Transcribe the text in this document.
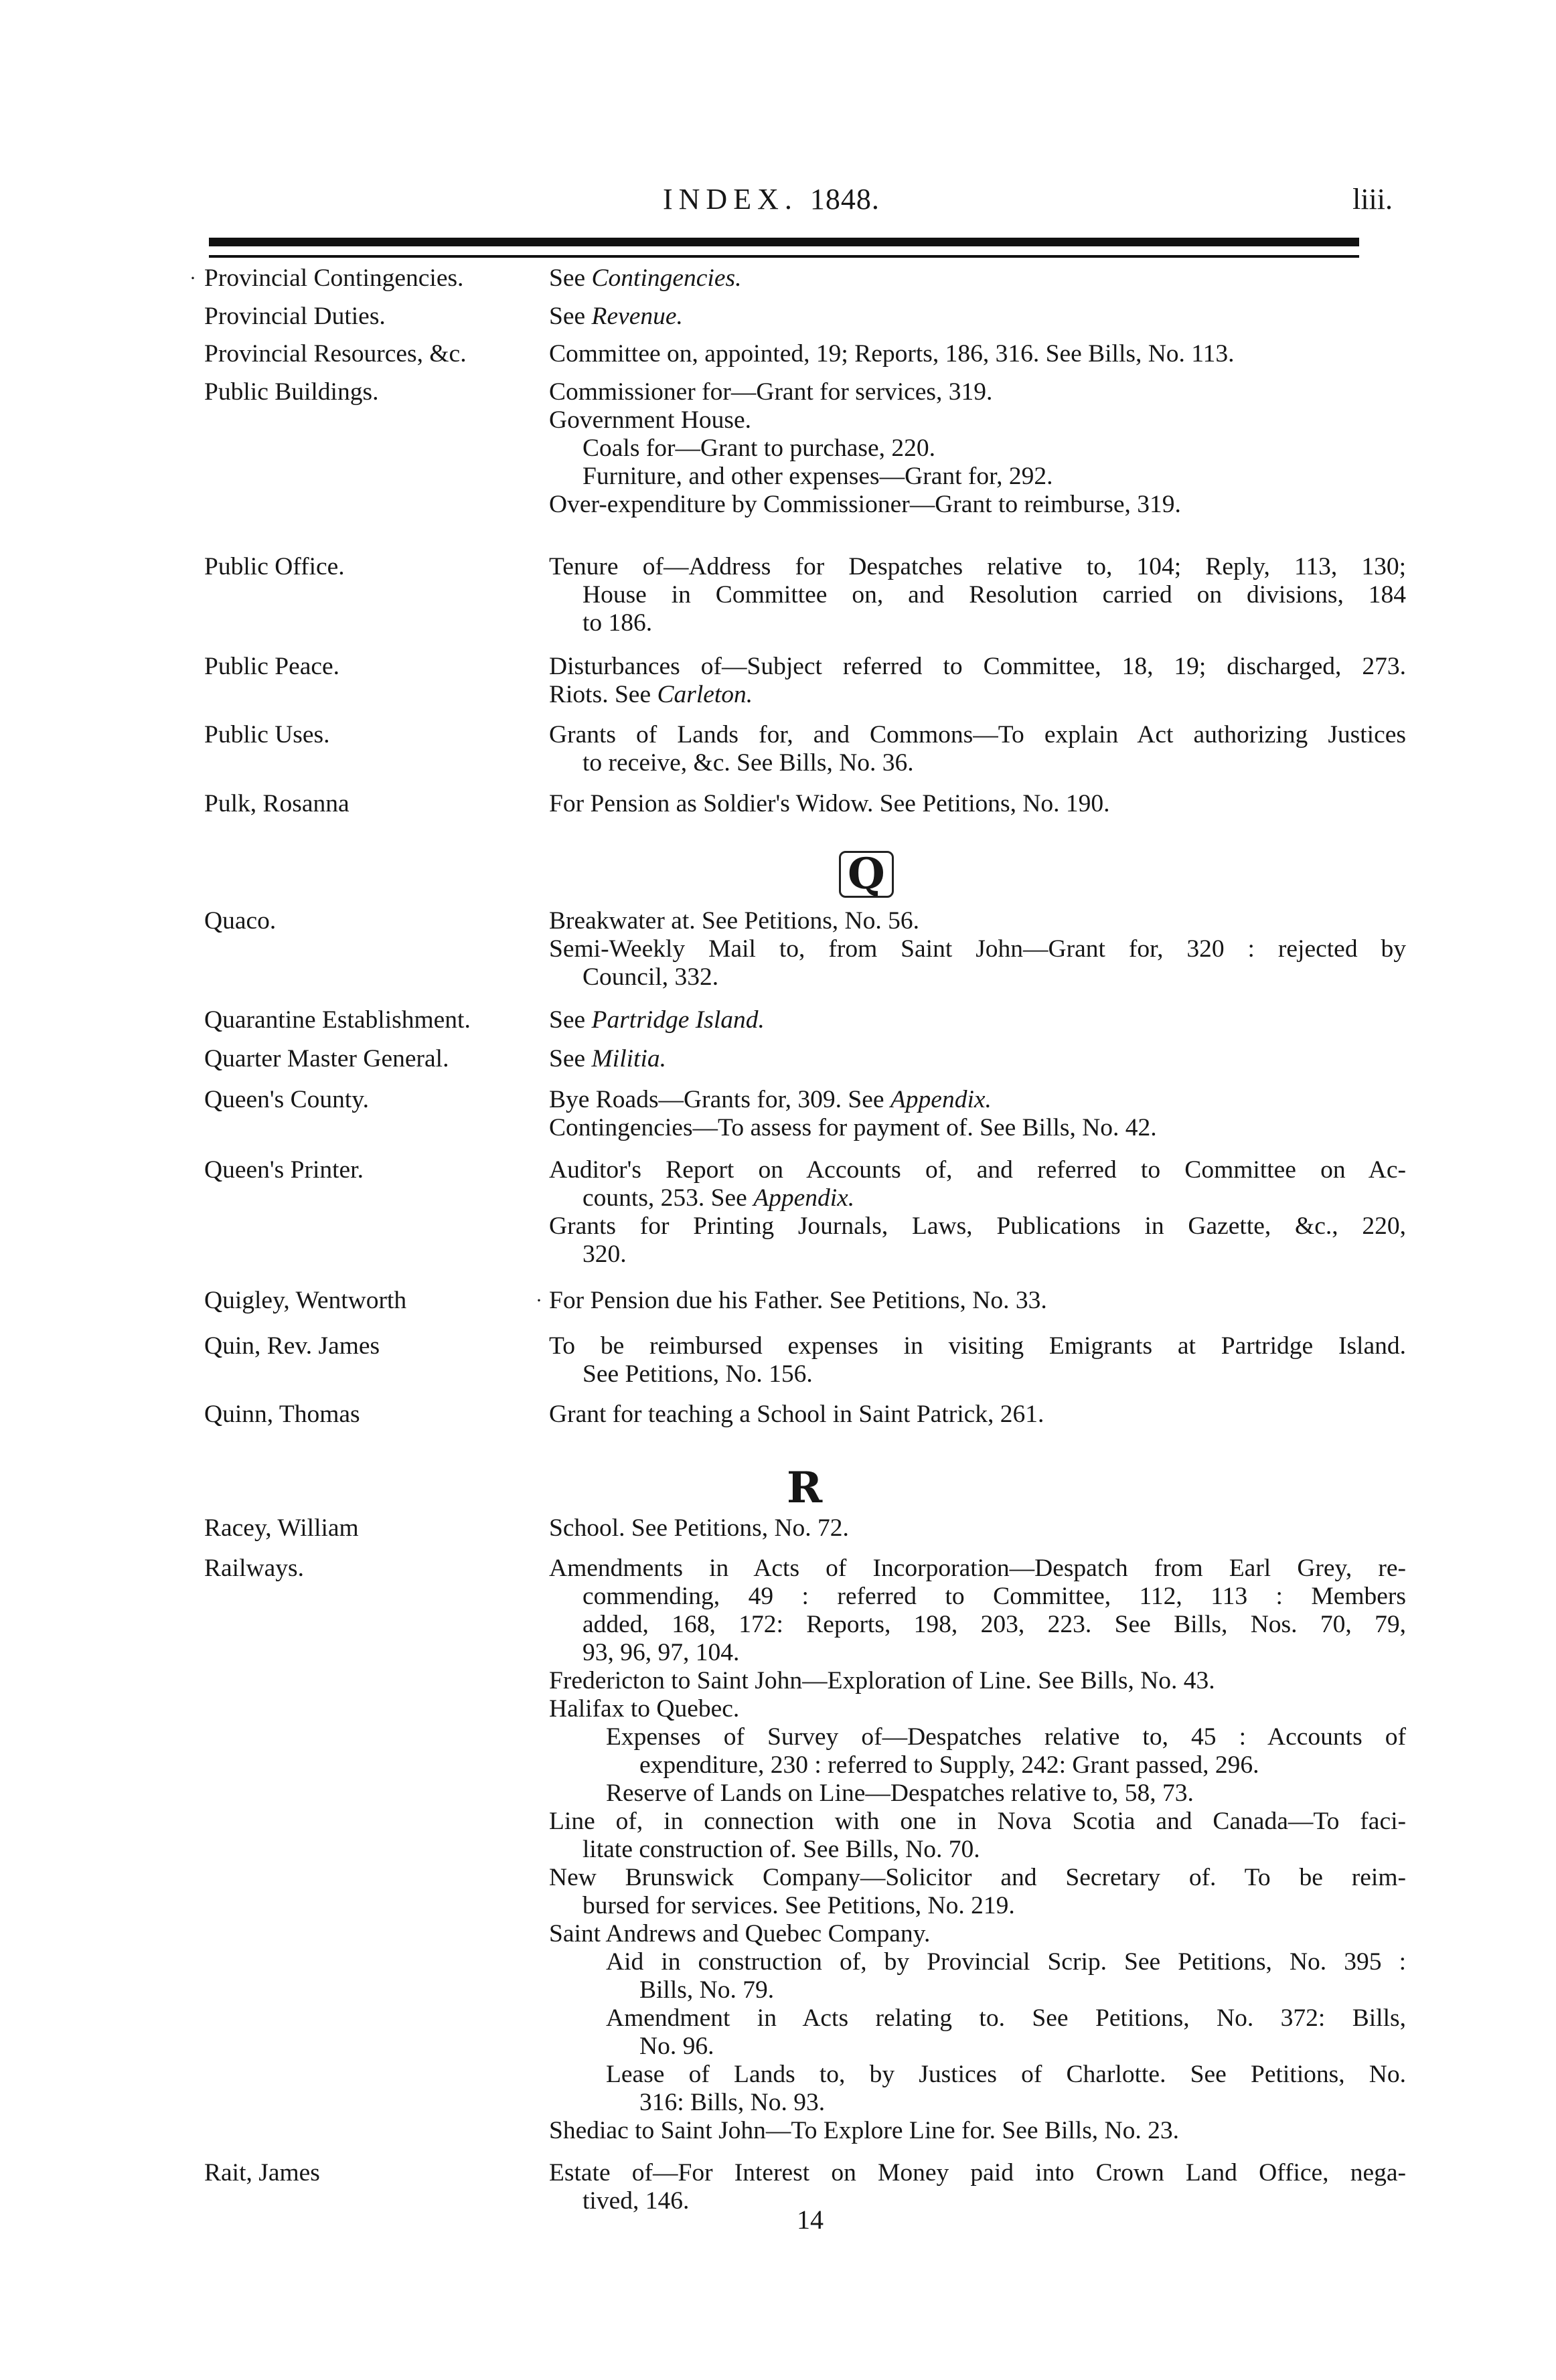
INDEX. 1848.	liii.
· Provincial Contingencies.	See Contingencies.
Provincial Duties.	See Revenue.
Provincial Resources, &c.	Committee on, appointed, 19; Reports, 186, 316. See Bills, No. 113.
Public Buildings.	Commissioner for—Grant for services, 319.
Government House.
Coals for—Grant to purchase, 220.
Furniture, and other expenses—Grant for, 292.
Over-expenditure by Commissioner—Grant to reimburse, 319.
Public Office.	Tenure of—Address for Despatches relative to, 104; Reply, 113, 130;
House in Committee on, and Resolution carried on divisions, 184
to 186.
Public Peace.	Disturbances of—Subject referred to Committee, 18, 19; discharged, 273.
Riots. See Carleton.
Public Uses.	Grants of Lands for, and Commons—To explain Act authorizing Justices
to receive, &c. See Bills, No. 36.
Pulk, Rosanna	For Pension as Soldier's Widow. See Petitions, No. 190.
Quaco.	Breakwater at. See Petitions, No. 56.
Semi-Weekly Mail to, from Saint John—Grant for, 320 : rejected by
Council, 332.
Quarantine Establishment.	See Partridge Island.
Quarter Master General.	See Militia.
Queen's County.	Bye Roads—Grants for, 309. See Appendix.
Contingencies—To assess for payment of. See Bills, No. 42.
Queen's Printer.	Auditor's Report on Accounts of, and referred to Committee on Ac-
counts, 253. See Appendix.
Grants for Printing Journals, Laws, Publications in Gazette, &c., 220,
320.
·
Quigley, Wentworth	For Pension due his Father. See Petitions, No. 33.
Quin, Rev. James	To be reimbursed expenses in visiting Emigrants at Partridge Island.
See Petitions, No. 156.
Quinn, Thomas	Grant for teaching a School in Saint Patrick, 261.
Racey, William	School. See Petitions, No. 72.
Railways.	Amendments in Acts of Incorporation—Despatch from Earl Grey, re-
commending, 49 : referred to Committee, 112, 113 : Members
added, 168, 172: Reports, 198, 203, 223. See Bills, Nos. 70, 79,
93, 96, 97, 104.
Fredericton to Saint John—Exploration of Line. See Bills, No. 43.
Halifax to Quebec.
Expenses of Survey of—Despatches relative to, 45 : Accounts of
expenditure, 230 : referred to Supply, 242: Grant passed, 296.
Reserve of Lands on Line—Despatches relative to, 58, 73.
Line of, in connection with one in Nova Scotia and Canada—To faci-
litate construction of. See Bills, No. 70.
New Brunswick Company—Solicitor and Secretary of. To be reim-
bursed for services. See Petitions, No. 219.
Saint Andrews and Quebec Company.
Aid in construction of, by Provincial Scrip. See Petitions, No. 395 :
Bills, No. 79.
Amendment in Acts relating to. See Petitions, No. 372: Bills,
No. 96.
Lease of Lands to, by Justices of Charlotte. See Petitions, No.
316: Bills, No. 93.
Shediac to Saint John—To Explore Line for. See Bills, No. 23.
Rait, James	Estate of—For Interest on Money paid into Crown Land Office, nega-
tived, 146.
Q
R
14
